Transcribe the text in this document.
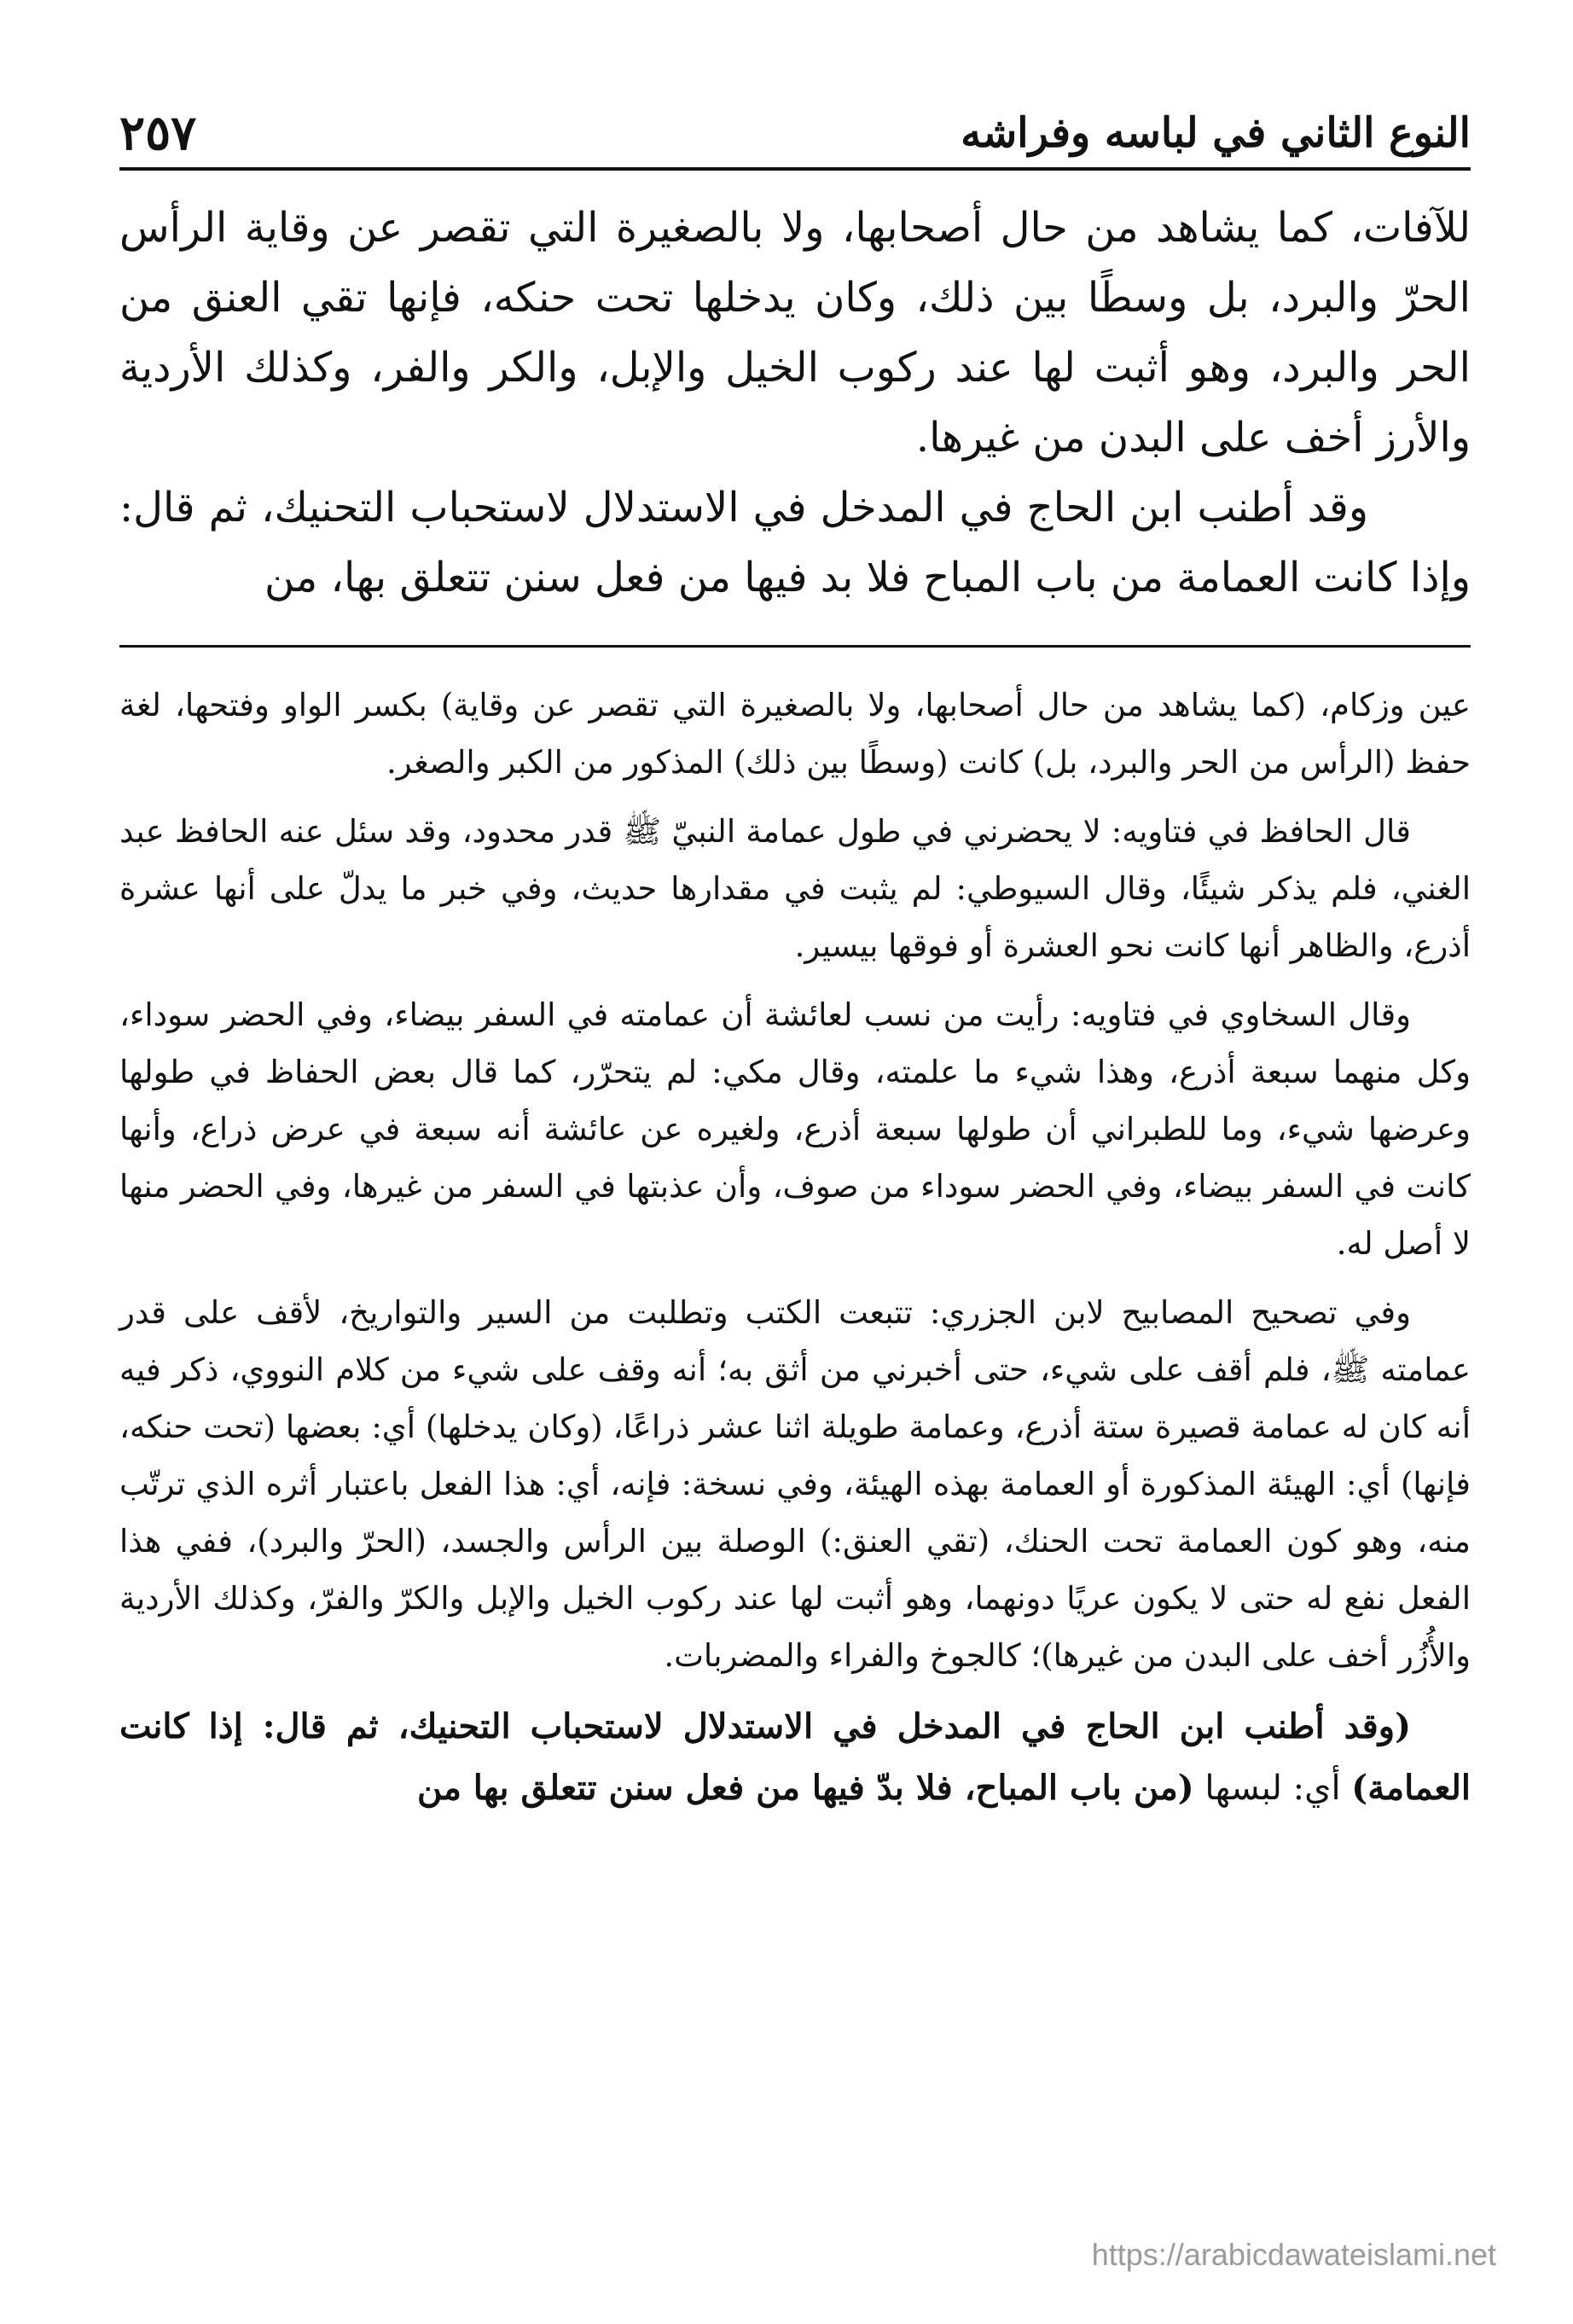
النوع الثاني في لباسه وفراشه
٢٥٧

للآفات، كما يشاهد من حال أصحابها، ولا بالصغيرة التي تقصر عن وقاية الرأس الحرّ والبرد، بل وسطًا بين ذلك، وكان يدخلها تحت حنكه، فإنها تقي العنق من الحر والبرد، وهو أثبت لها عند ركوب الخيل والإبل، والكر والفر، وكذلك الأردية والأرز أخف على البدن من غيرها.

وقد أطنب ابن الحاج في المدخل في الاستدلال لاستحباب التحنيك، ثم قال: وإذا كانت العمامة من باب المباح فلا بد فيها من فعل سنن تتعلق بها، من

عين وزكام، (كما يشاهد من حال أصحابها، ولا بالصغيرة التي تقصر عن وقاية) بكسر الواو وفتحها، لغة حفظ (الرأس من الحر والبرد، بل) كانت (وسطًا بين ذلك) المذكور من الكبر والصغر.

قال الحافظ في فتاويه: لا يحضرني في طول عمامة النبيّ ﷺ قدر محدود، وقد سئل عنه الحافظ عبد الغني، فلم يذكر شيئًا، وقال السيوطي: لم يثبت في مقدارها حديث، وفي خبر ما يدلّ على أنها عشرة أذرع، والظاهر أنها كانت نحو العشرة أو فوقها بيسير.

وقال السخاوي في فتاويه: رأيت من نسب لعائشة أن عمامته في السفر بيضاء، وفي الحضر سوداء، وكل منهما سبعة أذرع، وهذا شيء ما علمته، وقال مكي: لم يتحرّر، كما قال بعض الحفاظ في طولها وعرضها شيء، وما للطبراني أن طولها سبعة أذرع، ولغيره عن عائشة أنه سبعة في عرض ذراع، وأنها كانت في السفر بيضاء، وفي الحضر سوداء من صوف، وأن عذبتها في السفر من غيرها، وفي الحضر منها لا أصل له.

وفي تصحيح المصابيح لابن الجزري: تتبعت الكتب وتطلبت من السير والتواريخ، لأقف على قدر عمامته ﷺ، فلم أقف على شيء، حتى أخبرني من أثق به؛ أنه وقف على شيء من كلام النووي، ذكر فيه أنه كان له عمامة قصيرة ستة أذرع، وعمامة طويلة اثنا عشر ذراعًا، (وكان يدخلها) أي: بعضها (تحت حنكه، فإنها) أي: الهيئة المذكورة أو العمامة بهذه الهيئة، وفي نسخة: فإنه، أي: هذا الفعل باعتبار أثره الذي ترتّب منه، وهو كون العمامة تحت الحنك، (تقي العنق:) الوصلة بين الرأس والجسد، (الحرّ والبرد)، ففي هذا الفعل نفع له حتى لا يكون عريًا دونهما، وهو أثبت لها عند ركوب الخيل والإبل والكرّ والفرّ، وكذلك الأردية والأُزُر أخف على البدن من غيرها)؛ كالجوخ والفراء والمضربات.

(وقد أطنب ابن الحاج في المدخل في الاستدلال لاستحباب التحنيك، ثم قال: إذا كانت العمامة) أي: لبسها (من باب المباح، فلا بدّ فيها من فعل سنن تتعلق بها من

https://arabicdawateislami.net
